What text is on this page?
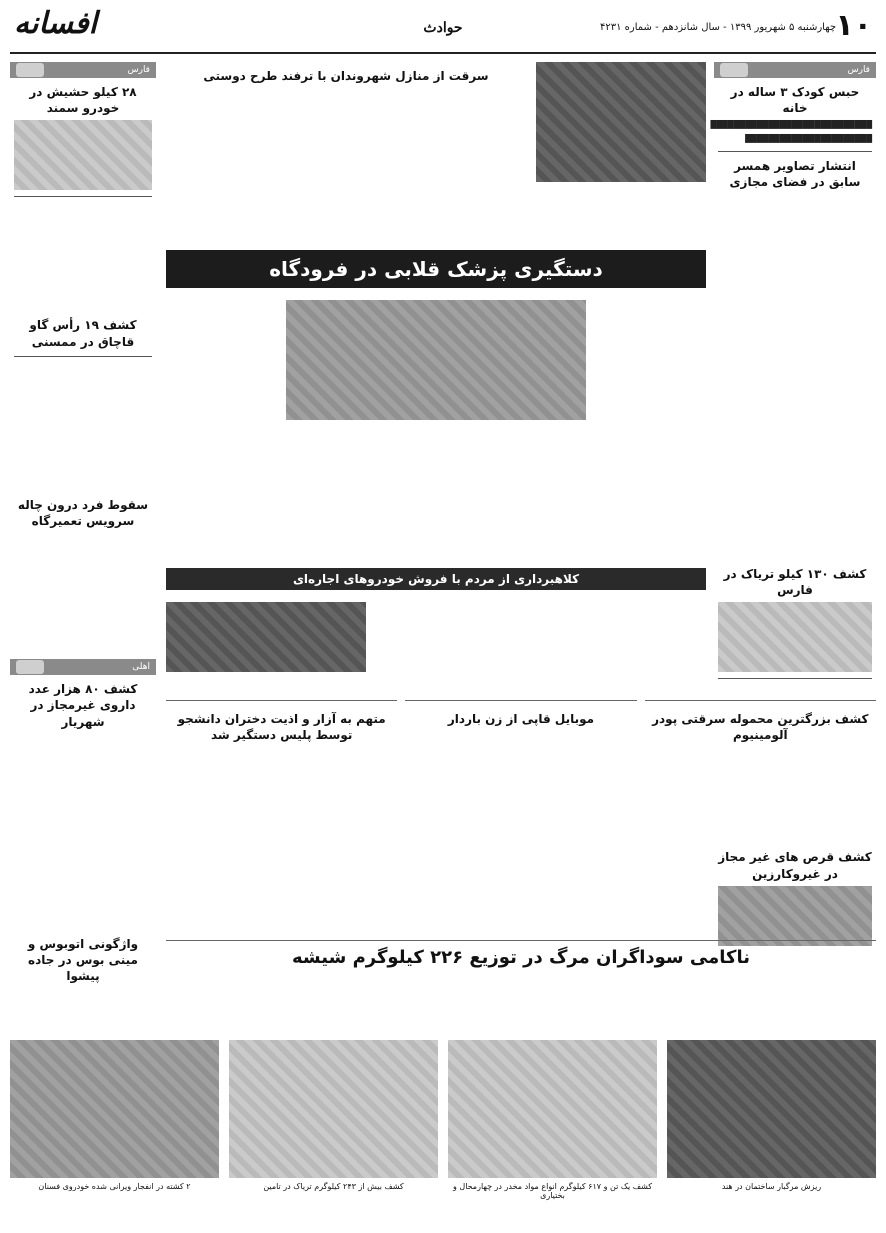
۱۰
چهارشنبه ۵ شهریور ۱۳۹۹ - سال شانزدهم - شماره ۴۲۳۱
حوادث
افسانه
فارس
حبس کودک ۳ ساله در خانه

████████████████████████████

██████████████████████

انتشار تصاویر همسر سابق در فضای مجازی
کشف ۱۳۰ کیلو تریاک در فارس
کشف قرص های غیر مجاز در غیروکارزین
فارس
۲۸ کیلو حشیش در خودرو سمند
کشف ۱۹ رأس گاو قاچاق در ممسنی
سقوط فرد درون چاله سرویس تعمیرگاه
اهلی
کشف ۸۰ هزار عدد داروی غیرمجاز در شهریار
واژگونی اتوبوس و مینی بوس در جاده پیشوا
سرقت از منازل شهروندان با ترفند طرح دوستی
دستگیری پزشک قلابی در فرودگاه
کلاهبرداری از مردم با فروش خودروهای اجاره‌ای
متهم به آزار و اذیت دختران دانشجو توسط پلیس دستگیر شد
موبایل قاپی از زن باردار	کشف بزرگترین محموله سرقتی پودر آلومینیوم
ناکامی سوداگران مرگ در توزیع ۲۲۶ کیلوگرم شیشه
۲ کشته در انفجار ویرانی شده خودروی فسنان	کشف بیش از ۲۴۳ کیلوگرم تریاک در تامین	کشف یک تن و ۶۱۷ کیلوگرم انواع مواد مخدر در چهارمحال و بختیاری
ریزش مرگبار ساختمان در هند
